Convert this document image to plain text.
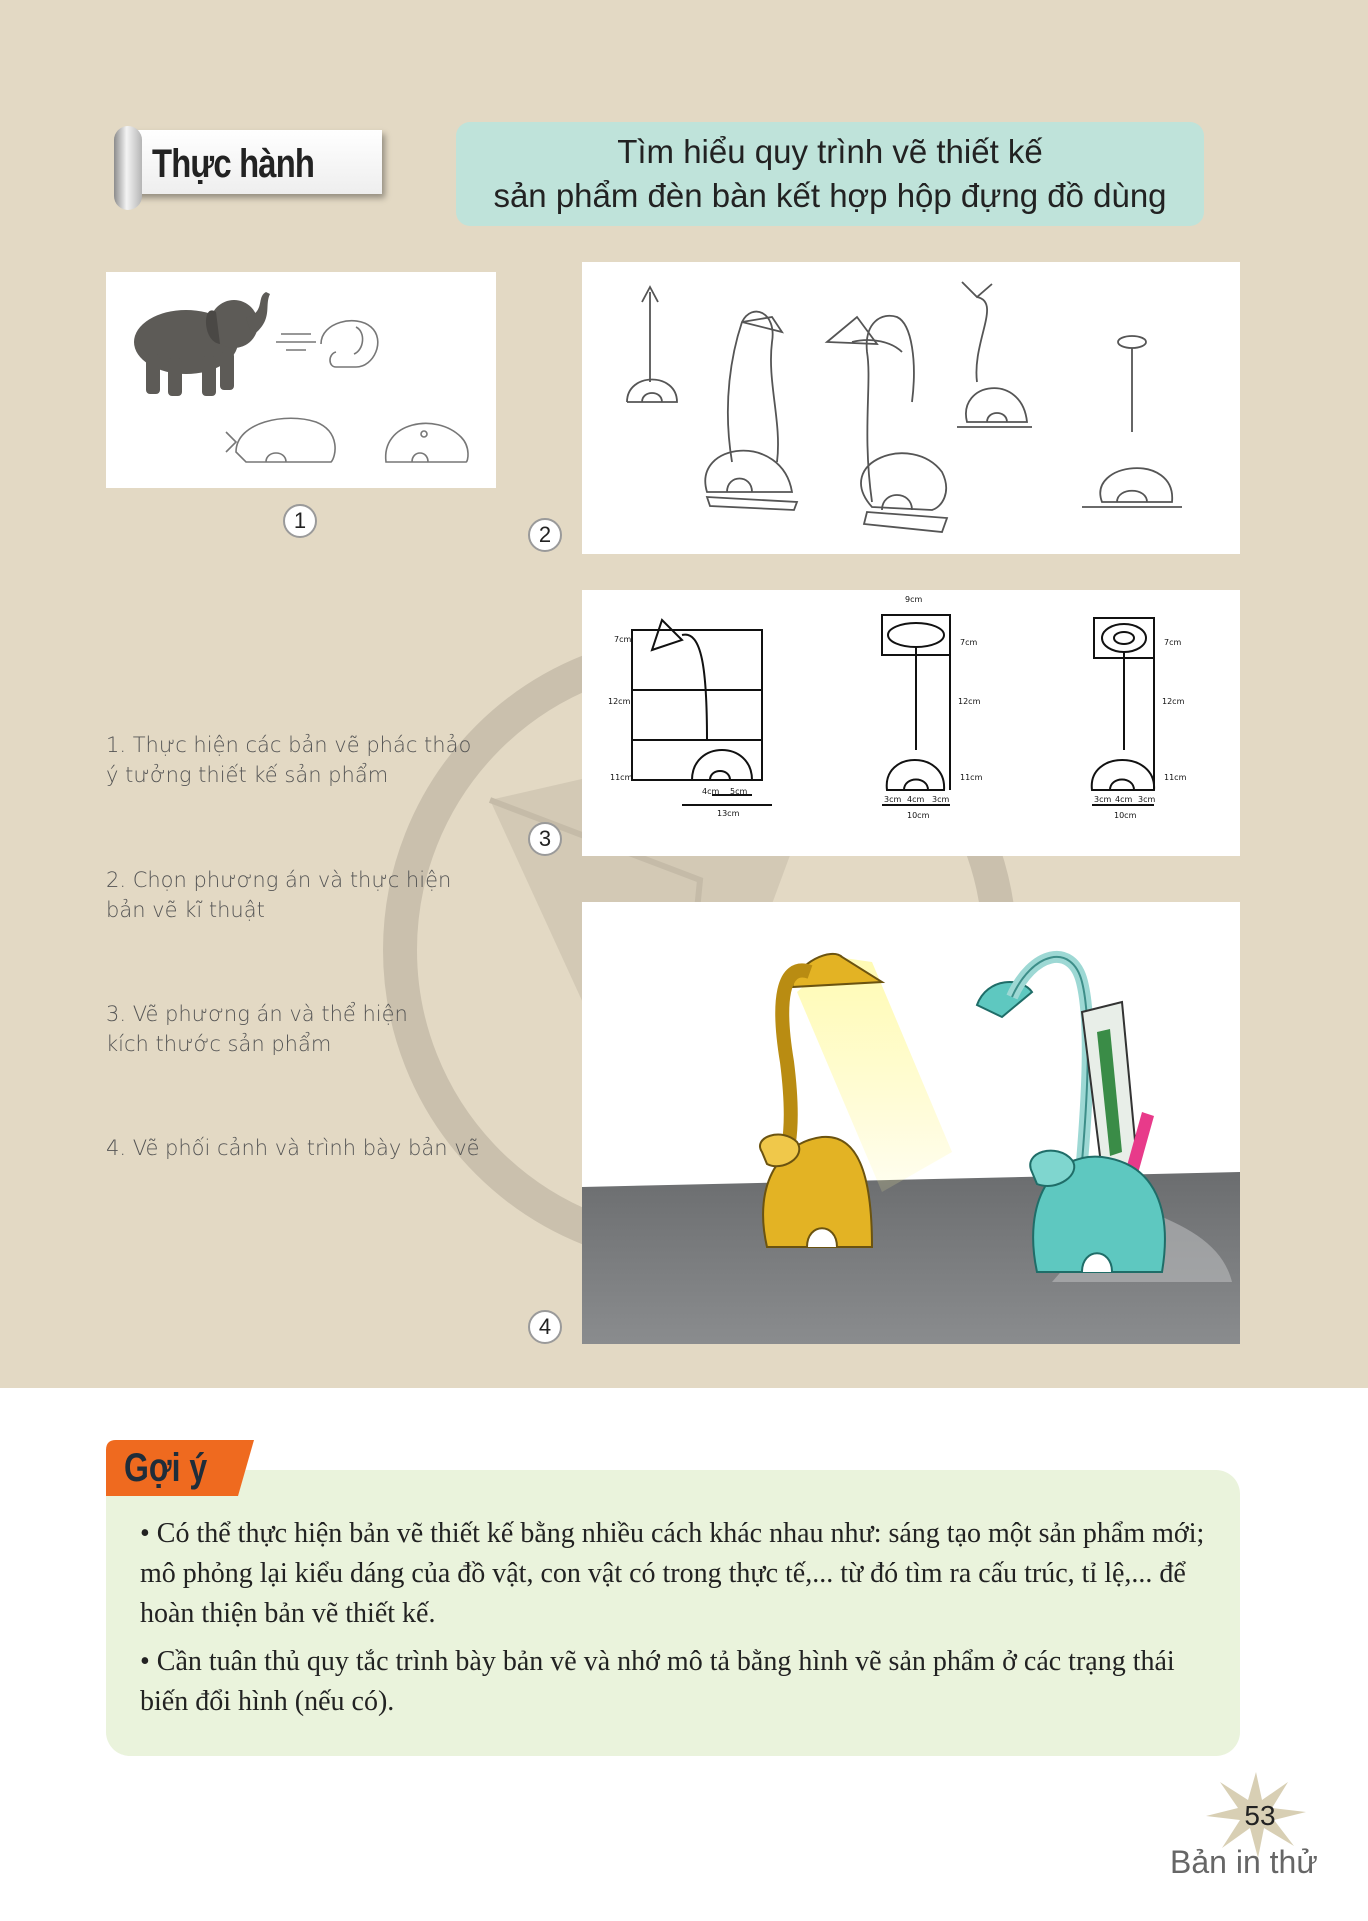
Thực hành	Tìm hiểu quy trình vẽ thiết kế
sản phẩm đèn bàn kết hợp hộp đựng đồ dùng
1
2
7cm
12cm
11cm
4cm 5cm
13cm
9cm
7cm
12cm
11cm
3cm 4cm 3cm
10cm
7cm
12cm
11cm
3cm 4cm 3cm
10cm
3
4
1. Thực hiện các bản vẽ phác thảo
ý tưởng thiết kế sản phẩm
2. Chọn phương án và thực hiện
bản vẽ kĩ thuật
3. Vẽ phương án và thể hiện
kích thước sản phẩm
4. Vẽ phối cảnh và trình bày bản vẽ
Gợi ý
• Có thể thực hiện bản vẽ thiết kế bằng nhiều cách khác nhau như: sáng tạo một sản phẩm mới; mô phỏng lại kiểu dáng của đồ vật, con vật có trong thực tế,... từ đó tìm ra cấu trúc, tỉ lệ,... để hoàn thiện bản vẽ thiết kế.
• Cần tuân thủ quy tắc trình bày bản vẽ và nhớ mô tả bằng hình vẽ sản phẩm ở các trạng thái biến đổi hình (nếu có).
53
Bản in thử
